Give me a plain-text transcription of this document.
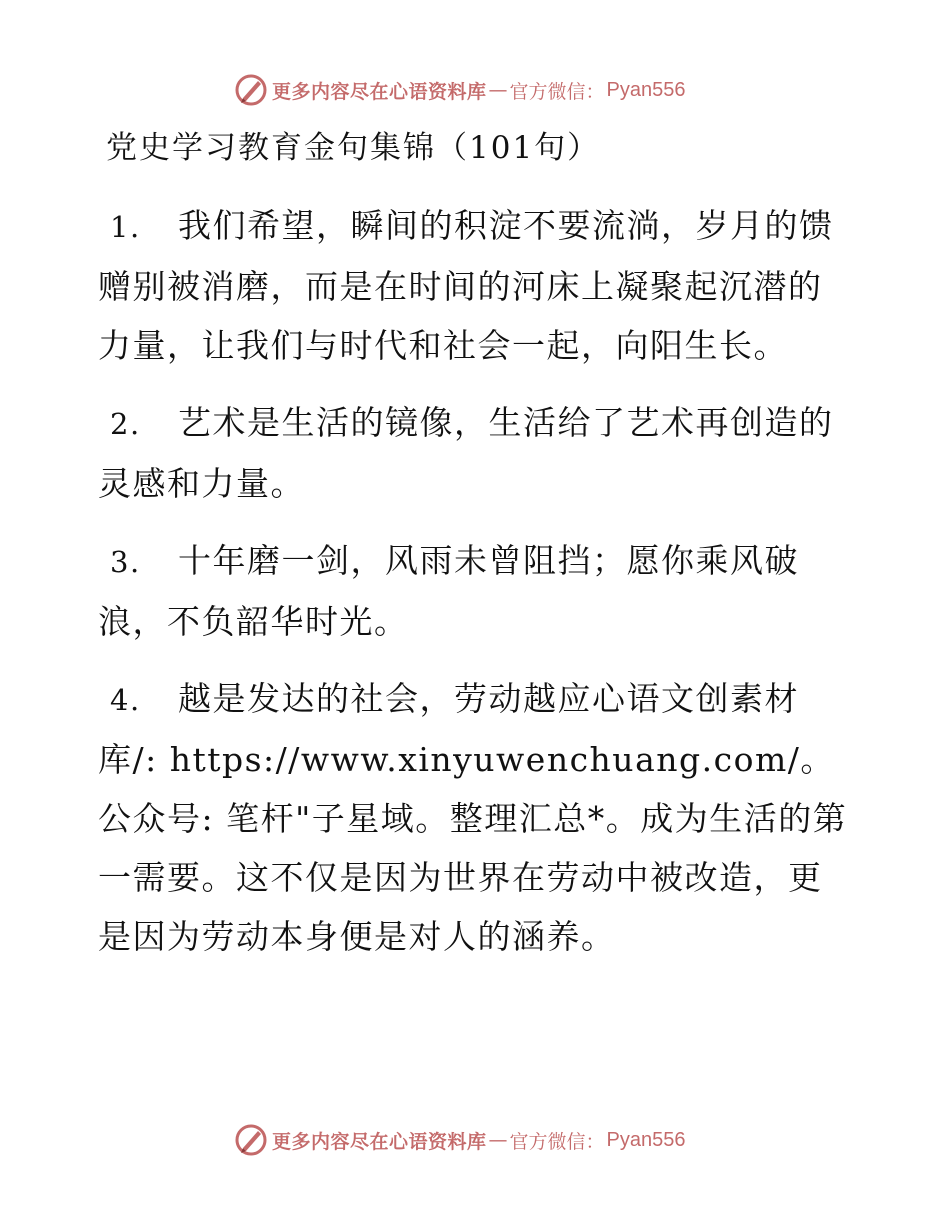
更多内容尽在心语资料库 — 官方微信： Pyan556
党史学习教育金句集锦（101句）
1. 我们希望，瞬间的积淀不要流淌，岁月的馈赠别被消磨，而是在时间的河床上凝聚起沉潜的力量，让我们与时代和社会一起，向阳生长。
2. 艺术是生活的镜像，生活给了艺术再创造的灵感和力量。
3. 十年磨一剑，风雨未曾阻挡；愿你乘风破浪，不负韶华时光。
4. 越是发达的社会，劳动越应心语文创素材库/: https://www.xinyuwenchuang.com/。公众号: 笔杆"子星域。整理汇总*。成为生活的第一需要。这不仅是因为世界在劳动中被改造，更是因为劳动本身便是对人的涵养。
更多内容尽在心语资料库 — 官方微信： Pyan556
